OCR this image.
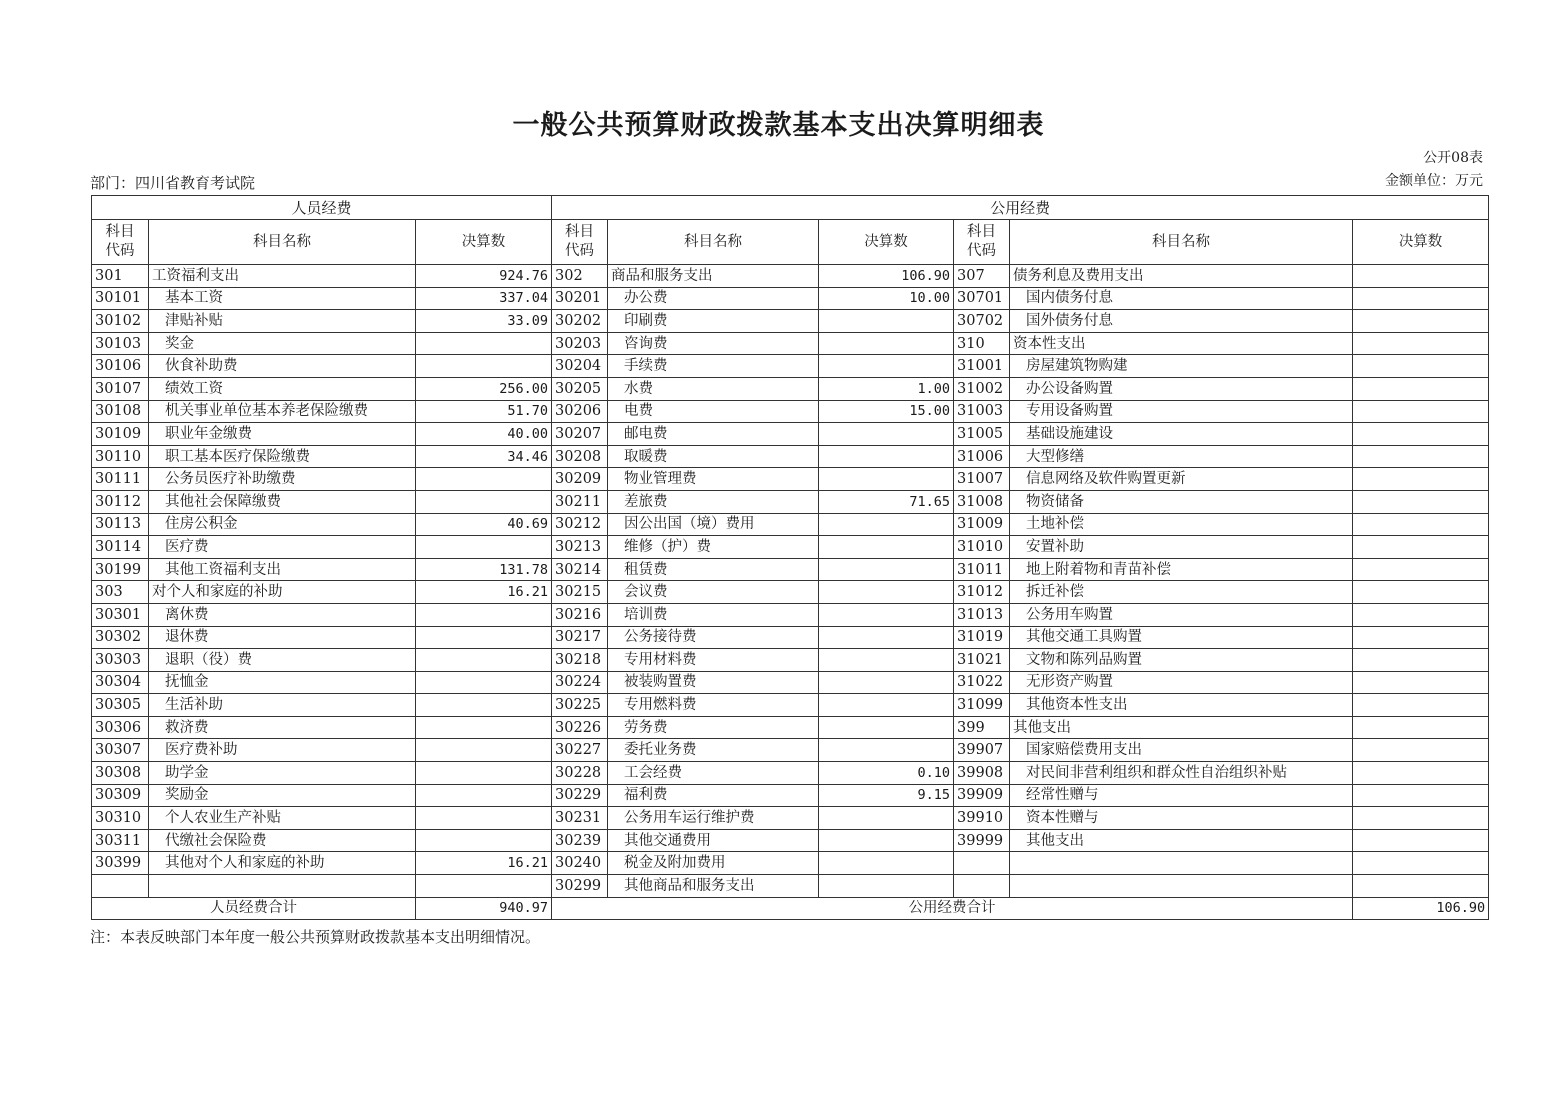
一般公共预算财政拨款基本支出决算明细表
公开08表
部门：四川省教育考试院	金额单位：万元
人员经费			公用经费					
科目
代码	科目名称	决算数	科目
代码	科目名称	决算数	科目
代码	科目名称	决算数
301	工资福利支出	924.76	302	商品和服务支出	106.90	307	债务利息及费用支出	
30101	基本工资	337.04	30201	办公费	10.00	30701	国内债务付息	
30102	津贴补贴	33.09	30202	印刷费		30702	国外债务付息	
30103	奖金		30203	咨询费		310	资本性支出	
30106	伙食补助费		30204	手续费		31001	房屋建筑物购建	
30107	绩效工资	256.00	30205	水费	1.00	31002	办公设备购置	
30108	机关事业单位基本养老保险缴费	51.70	30206	电费	15.00	31003	专用设备购置	
30109	职业年金缴费	40.00	30207	邮电费		31005	基础设施建设	
30110	职工基本医疗保险缴费	34.46	30208	取暖费		31006	大型修缮	
30111	公务员医疗补助缴费		30209	物业管理费		31007	信息网络及软件购置更新	
30112	其他社会保障缴费		30211	差旅费	71.65	31008	物资储备	
30113	住房公积金	40.69	30212	因公出国（境）费用		31009	土地补偿	
30114	医疗费		30213	维修（护）费		31010	安置补助	
30199	其他工资福利支出	131.78	30214	租赁费		31011	地上附着物和青苗补偿	
303	对个人和家庭的补助	16.21	30215	会议费		31012	拆迁补偿	
30301	离休费		30216	培训费		31013	公务用车购置	
30302	退休费		30217	公务接待费		31019	其他交通工具购置	
30303	退职（役）费		30218	专用材料费		31021	文物和陈列品购置	
30304	抚恤金		30224	被装购置费		31022	无形资产购置	
30305	生活补助		30225	专用燃料费		31099	其他资本性支出	
30306	救济费		30226	劳务费		399	其他支出	
30307	医疗费补助		30227	委托业务费		39907	国家赔偿费用支出	
30308	助学金		30228	工会经费	0.10	39908	对民间非营利组织和群众性自治组织补贴	
30309	奖励金		30229	福利费	9.15	39909	经常性赠与	
30310	个人农业生产补贴		30231	公务用车运行维护费		39910	资本性赠与	
30311	代缴社会保险费		30239	其他交通费用		39999	其他支出	
30399	其他对个人和家庭的补助	16.21	30240	税金及附加费用				
			30299	其他商品和服务支出				
人员经费合计		940.97	公用经费合计					106.90
注：本表反映部门本年度一般公共预算财政拨款基本支出明细情况。
